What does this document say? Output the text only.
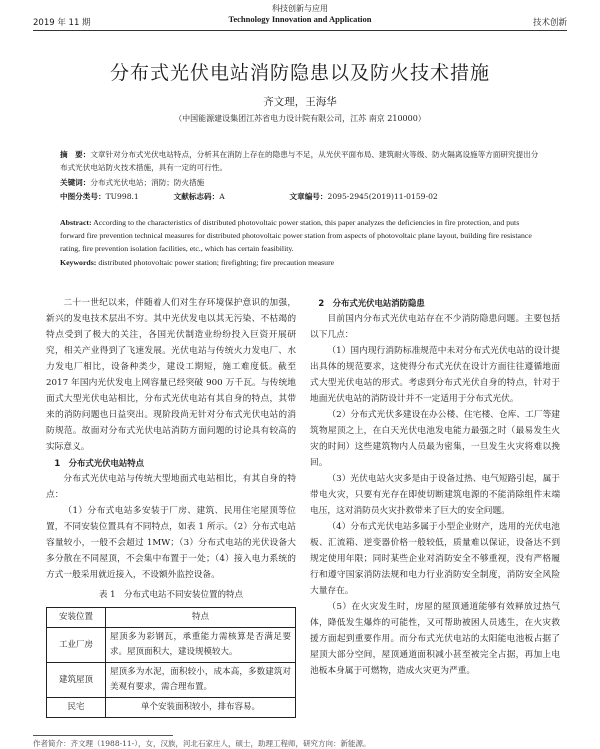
2019 年 11 期
科技创新与应用
Technology Innovation and Application	技术创新
分布式光伏电站消防隐患以及防火技术措施
齐文理，王海华
（中国能源建设集团江苏省电力设计院有限公司，江苏 南京 210000）
摘　要：文章针对分布式光伏电站特点，分析其在消防上存在的隐患与不足，从光伏平面布局、建筑耐火等级、防火隔离设施等方面研究提出分布式光伏电站防火技术措施，具有一定的可行性。
关键词：分布式光伏电站；消防；防火措施
中图分类号：TU998.1	文献标志码：A	文章编号：2095-2945(2019)11-0159-02
Abstract: According to the characteristics of distributed photovoltaic power station, this paper analyzes the deficiencies in fire protection, and puts forward fire prevention technical measures for distributed photovoltaic power station from aspects of photovoltaic plane layout, building fire resistance rating, fire prevention isolation facilities, etc., which has certain feasibility.
Keywords: distributed photovoltaic power station; firefighting; fire precaution measure

二十一世纪以来，伴随着人们对生存环境保护意识的加强，新兴的发电技术层出不穷。其中光伏发电以其无污染、不枯竭的特点受到了极大的关注，各国光伏制造业纷纷投入巨资开展研究，相关产业得到了飞速发展。光伏电站与传统火力发电厂、水力发电厂相比，设备种类少，建设工期短，施工难度低。截至 2017 年国内光伏发电上网容量已经突破 900 万千瓦。与传统地面式大型光伏电站相比，分布式光伏电站有其自身的特点，其带来的消防问题也日益突出。现阶段尚无针对分布式光伏电站的消防规范。故面对分布式光伏电站消防方面问题的讨论具有较高的实际意义。

1　分布式光伏电站特点

分布式光伏电站与传统大型地面式电站相比，有其自身的特点：

（1）分布式电站多安装于厂房、建筑、民用住宅屋顶等位置，不同安装位置具有不同特点，如表 1 所示。（2）分布式电站容量较小，一般不会超过 1MW；（3）分布式电站的光伏设备大多分散在不同屋顶，不会集中布置于一处；（4）接入电力系统的方式一般采用就近接入，不设额外监控设备。

表 1　分布式电站不同安装位置的特点
安装位置	特点
工业厂房	屋顶多为彩钢瓦，承重能力需核算是否满足要求。屋顶面积大，建设规模较大。
建筑屋顶	屋顶多为水泥，面积较小，成本高，多数建筑对美观有要求，需合理布置。
民宅	单个安装面积较小，排布容易。

2　分布式光伏电站消防隐患

目前国内分布式光伏电站存在不少消防隐患问题。主要包括以下几点：

（1）国内现行消防标准规范中未对分布式光伏电站的设计提出具体的规范要求，这使得分布式光伏在设计方面往往遵循地面式大型光伏电站的形式。考虑到分布式光伏自身的特点，针对于地面光伏电站的消防设计并不一定适用于分布式光伏。

（2）分布式光伏多建设在办公楼、住宅楼、仓库、工厂等建筑物屋顶之上，在白天光伏电池发电能力最强之时（最易发生火灾的时间）这些建筑物内人员最为密集，一旦发生火灾将难以挽回。

（3）光伏电站火灾多是由于设备过热、电气短路引起，属于带电火灾，只要有光存在即使切断建筑电源的不能消除组件末端电压，这对消防员火灾扑救带来了巨大的安全问题。

（4）分布式光伏电站多属于小型企业财产，选用的光伏电池板、汇流箱、逆变器价格一般较低，质量难以保证，设备达不到规定使用年限；同时某些企业对消防安全不够重视，没有严格履行和遵守国家消防法规和电力行业消防安全制度，消防安全风险大量存在。

（5）在火灾发生时，房屋的屋顶通道能够有效释放过热气体，降低发生爆炸的可能性，又可帮助被困人员逃生，在火灾救援方面起到重要作用。而分布式光伏电站的太阳能电池板占据了屋顶大部分空间，屋顶通道面积减小甚至被完全占据，再加上电池板本身属于可燃物，造成火灾更为严重。

作者简介：齐文理（1988-11-），女，汉族，河北石家庄人，硕士，助理工程师，研究方向：新能源。
